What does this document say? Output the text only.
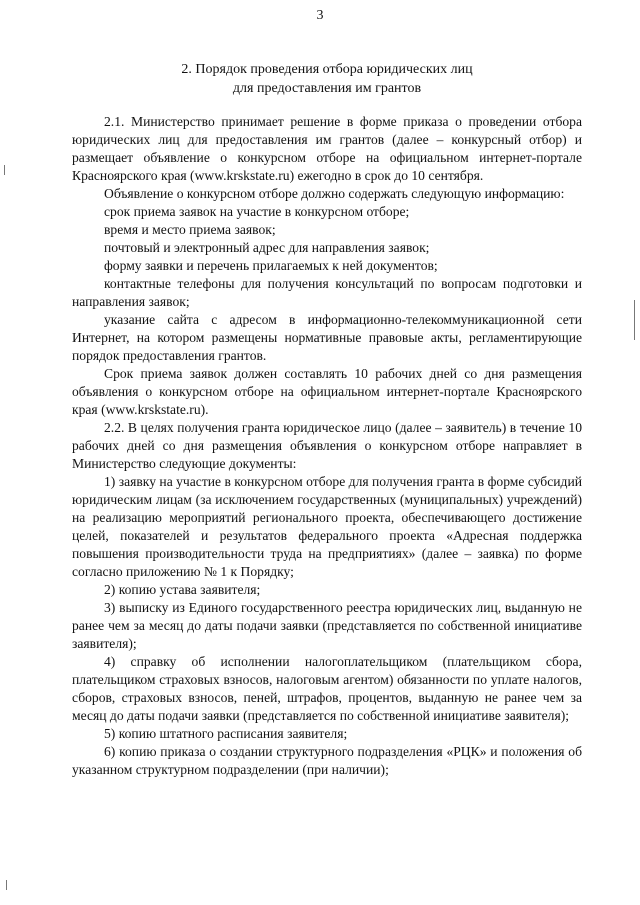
3
2. Порядок проведения отбора юридических лиц
для предоставления им грантов

2.1. Министерство принимает решение в форме приказа о проведении отбора юридических лиц для предоставления им грантов (далее – конкурсный отбор) и размещает объявление о конкурсном отборе на официальном интернет-портале Красноярского края (www.krskstate.ru) ежегодно в срок до 10 сентября.

Объявление о конкурсном отборе должно содержать следующую информацию:

срок приема заявок на участие в конкурсном отборе;

время и место приема заявок;

почтовый и электронный адрес для направления заявок;

форму заявки и перечень прилагаемых к ней документов;

контактные телефоны для получения консультаций по вопросам подготовки и направления заявок;

указание сайта с адресом в информационно-телекоммуникационной сети Интернет, на котором размещены нормативные правовые акты, регламентирующие порядок предоставления грантов.

Срок приема заявок должен составлять 10 рабочих дней со дня размещения объявления о конкурсном отборе на официальном интернет-портале Красноярского края (www.krskstate.ru).

2.2. В целях получения гранта юридическое лицо (далее – заявитель) в течение 10 рабочих дней со дня размещения объявления о конкурсном отборе направляет в Министерство следующие документы:

1) заявку на участие в конкурсном отборе для получения гранта в форме субсидий юридическим лицам (за исключением государственных (муниципальных) учреждений) на реализацию мероприятий регионального проекта, обеспечивающего достижение целей, показателей и результатов федерального проекта «Адресная поддержка повышения производительности труда на предприятиях» (далее – заявка) по форме согласно приложению № 1 к Порядку;

2) копию устава заявителя;

3) выписку из Единого государственного реестра юридических лиц, выданную не ранее чем за месяц до даты подачи заявки (представляется по собственной инициативе заявителя);

4) справку об исполнении налогоплательщиком (плательщиком сбора, плательщиком страховых взносов, налоговым агентом) обязанности по уплате налогов, сборов, страховых взносов, пеней, штрафов, процентов, выданную не ранее чем за месяц до даты подачи заявки (представляется по собственной инициативе заявителя);

5) копию штатного расписания заявителя;

6) копию приказа о создании структурного подразделения «РЦК» и положения об указанном структурном подразделении (при наличии);
